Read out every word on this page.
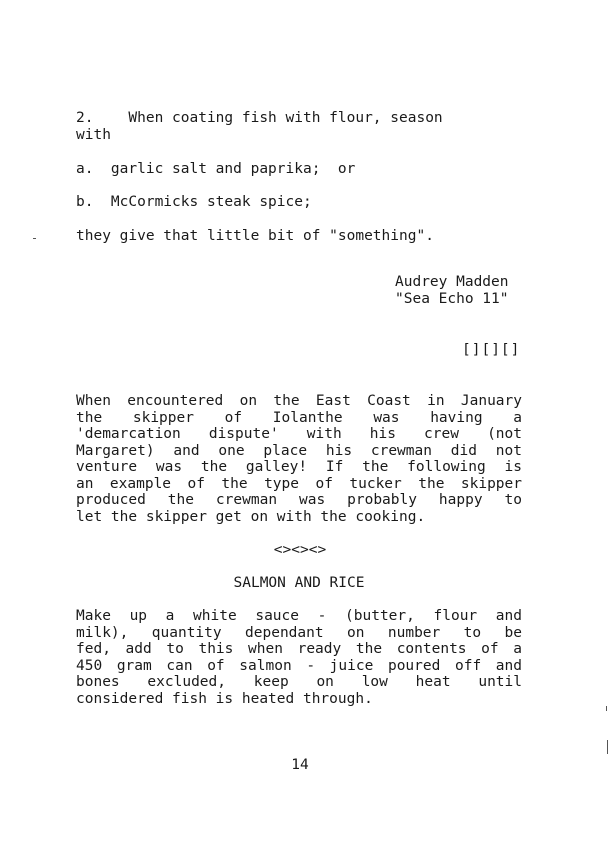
2.    When coating fish with flour, season
with
a.  garlic salt and paprika;  or
b.  McCormicks steak spice;
they give that little bit of "something".
Audrey Madden
"Sea Echo 11"
[][][]
When encountered on the East Coast in January
the skipper of Iolanthe was having a
'demarcation dispute' with his crew (not
Margaret) and one place his crewman did not
venture was the galley! If the following is
an example of the type of tucker the skipper
produced the crewman was probably happy to
let the skipper get on with the cooking.
<><><>
SALMON AND RICE
Make up a white sauce - (butter, flour and
milk), quantity dependant on number to be
fed, add to this when ready the contents of a
450 gram can of salmon - juice poured off and
bones excluded, keep on low heat until
considered fish is heated through.
14
